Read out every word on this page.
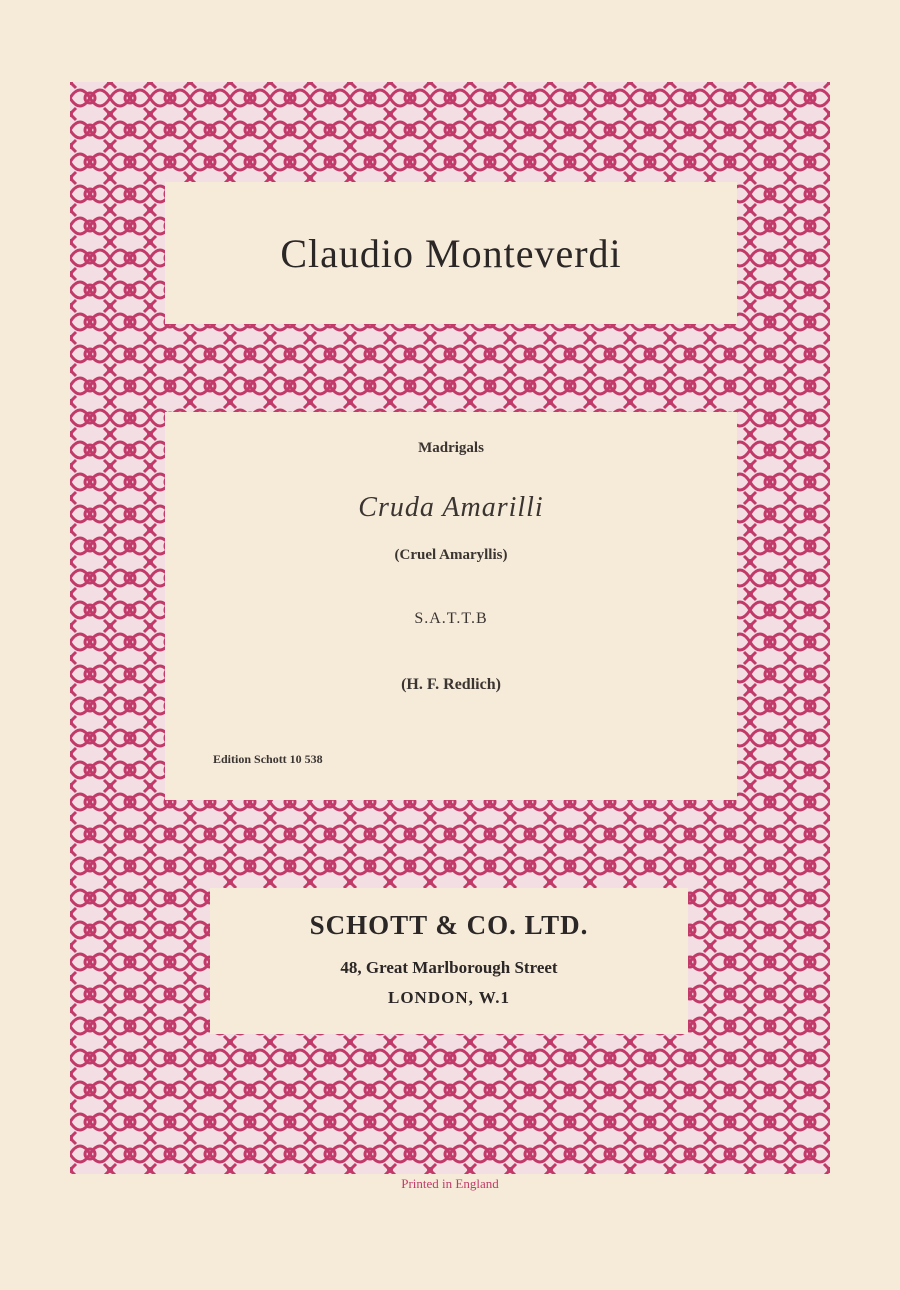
Claudio Monteverdi
Madrigals
Cruda Amarilli
(Cruel Amaryllis)
S.A.T.T.B
(H. F. Redlich)
Edition Schott 10 538
SCHOTT & CO. LTD.
48, Great Marlborough Street
LONDON, W.1
Printed in England
